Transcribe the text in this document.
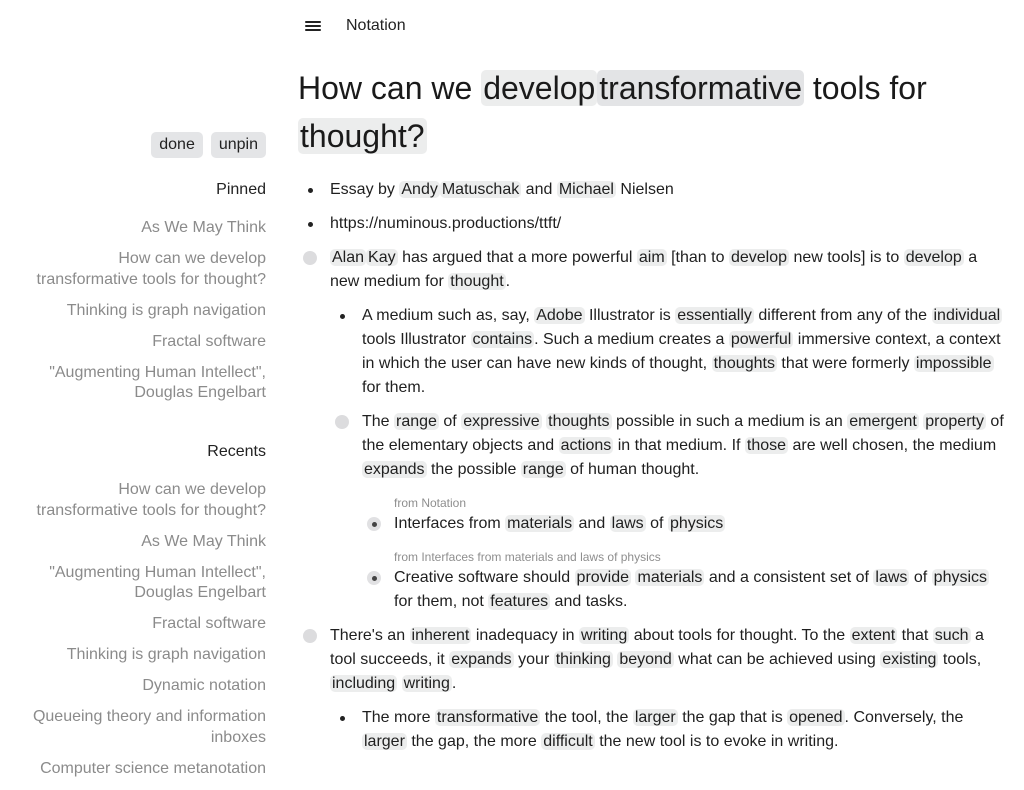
Notation
done	unpin
Pinned
As We May Think
How can we develop transformative tools for thought?
Thinking is graph navigation
Fractal software
"Augmenting Human Intellect", Douglas Engelbart
Recents
How can we develop transformative tools for thought?
As We May Think
"Augmenting Human Intellect", Douglas Engelbart
Fractal software
Thinking is graph navigation
Dynamic notation
Queueing theory and information inboxes
Computer science metanotation
How can we develop transformative tools for thought?
Essay by Andy Matuschak and Michael Nielsen
https://numinous.productions/ttft/
Alan Kay has argued that a more powerful aim [than to develop new tools] is to develop a new medium for thought .
A medium such as, say, Adobe Illustrator is essentially different from any of the individual tools Illustrator contains . Such a medium creates a powerful immersive context, a context in which the user can have new kinds of thought, thoughts that were formerly impossible for them.
The range of expressive thoughts possible in such a medium is an emergent property of the elementary objects and actions in that medium. If those are well chosen, the medium expands the possible range of human thought.
from Notation
Interfaces from materials and laws of physics
from Interfaces from materials and laws of physics
Creative software should provide materials and a consistent set of laws of physics for them, not features and tasks.
There's an inherent inadequacy in writing about tools for thought. To the extent that such a tool succeeds, it expands your thinking beyond what can be achieved using existing tools, including writing .
The more transformative the tool, the larger the gap that is opened . Conversely, the larger the gap, the more difficult the new tool is to evoke in writing.
